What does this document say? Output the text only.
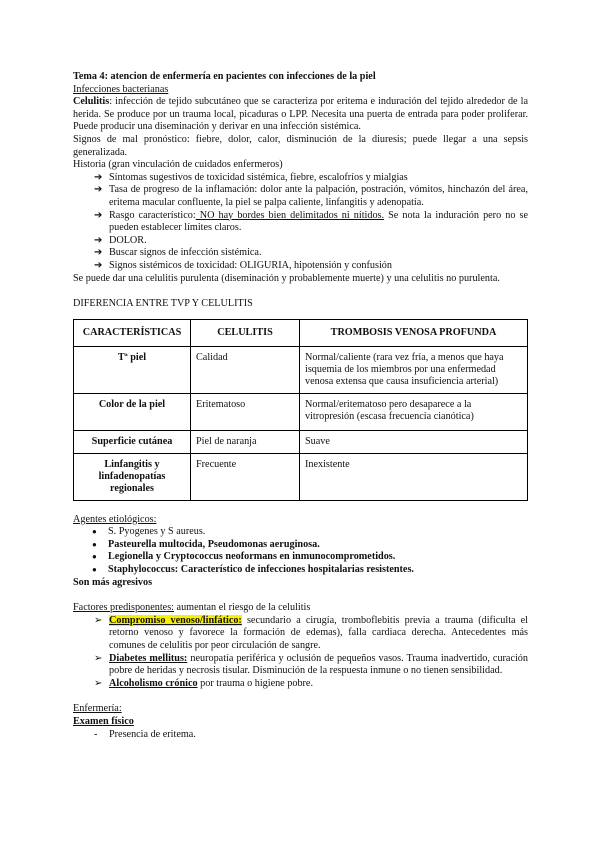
Tema 4: atencion de enfermería en pacientes con infecciones de la piel

Infecciones bacterianas

Celulitis: infección de tejido subcutáneo que se caracteriza por eritema e induración del tejido alrededor de la herida. Se produce por un trauma local, picaduras o LPP. Necesita una puerta de entrada para poder proliferar. Puede producir una diseminación y derivar en una infección sistémica.

Signos de mal pronóstico: fiebre, dolor, calor, disminución de la diuresis; puede llegar a una sepsis generalizada.

Historia (gran vinculación de cuidados enfermeros)

➔ Síntomas sugestivos de toxicidad sistémica, fiebre, escalofríos y mialgias
➔ Tasa de progreso de la inflamación: dolor ante la palpación, postración, vómitos, hinchazón del área, eritema macular confluente, la piel se palpa caliente, linfangitis y adenopatía.
➔ Rasgo característico: NO hay bordes bien delimitados ni nítidos. Se nota la induración pero no se pueden establecer límites claros.
➔ DOLOR.
➔ Buscar signos de infección sistémica.
➔ Signos sistémicos de toxicidad: OLIGURIA, hipotensión y confusión

Se puede dar una celulitis purulenta (diseminación y probablemente muerte) y una celulitis no purulenta.

DIFERENCIA ENTRE TVP Y CELULITIS

CARACTERÍSTICAS	CELULITIS	TROMBOSIS VENOSA PROFUNDA
Tª piel	Calidad	Normal/caliente (rara vez fría, a menos que haya isquemia de los miembros por una enfermedad venosa extensa que causa insuficiencia arterial)
Color de la piel	Eritematoso	Normal/eritematoso pero desaparece a la vitropresión (escasa frecuencia cianótica)
Superficie cutánea	Piel de naranja	Suave
Linfangitis y linfadenopatías regionales	Frecuente	Inexistente

Agentes etiológicos:

● S. Pyogenes y S aureus.
● Pasteurella multocida, Pseudomonas aeruginosa.
● Legionella y Cryptococcus neoformans en inmunocomprometidos.
● Staphylococcus: Característico de infecciones hospitalarias resistentes.

Son más agresivos

Factores predisponentes: aumentan el riesgo de la celulitis

➢ Compromiso venoso/linfático: secundario a cirugía, tromboflebitis previa a trauma (dificulta el retorno venoso y favorece la formación de edemas), falla cardiaca derecha. Antecedentes más comunes de celulitis por peor circulación de sangre.
➢ Diabetes mellitus: neuropatía periférica y oclusión de pequeños vasos. Trauma inadvertido, curación pobre de heridas y necrosis tisular. Disminución de la respuesta inmune o no tienen sensibilidad.
➢ Alcoholismo crónico por trauma o higiene pobre.

Enfermería:

Examen físico

- Presencia de eritema.
